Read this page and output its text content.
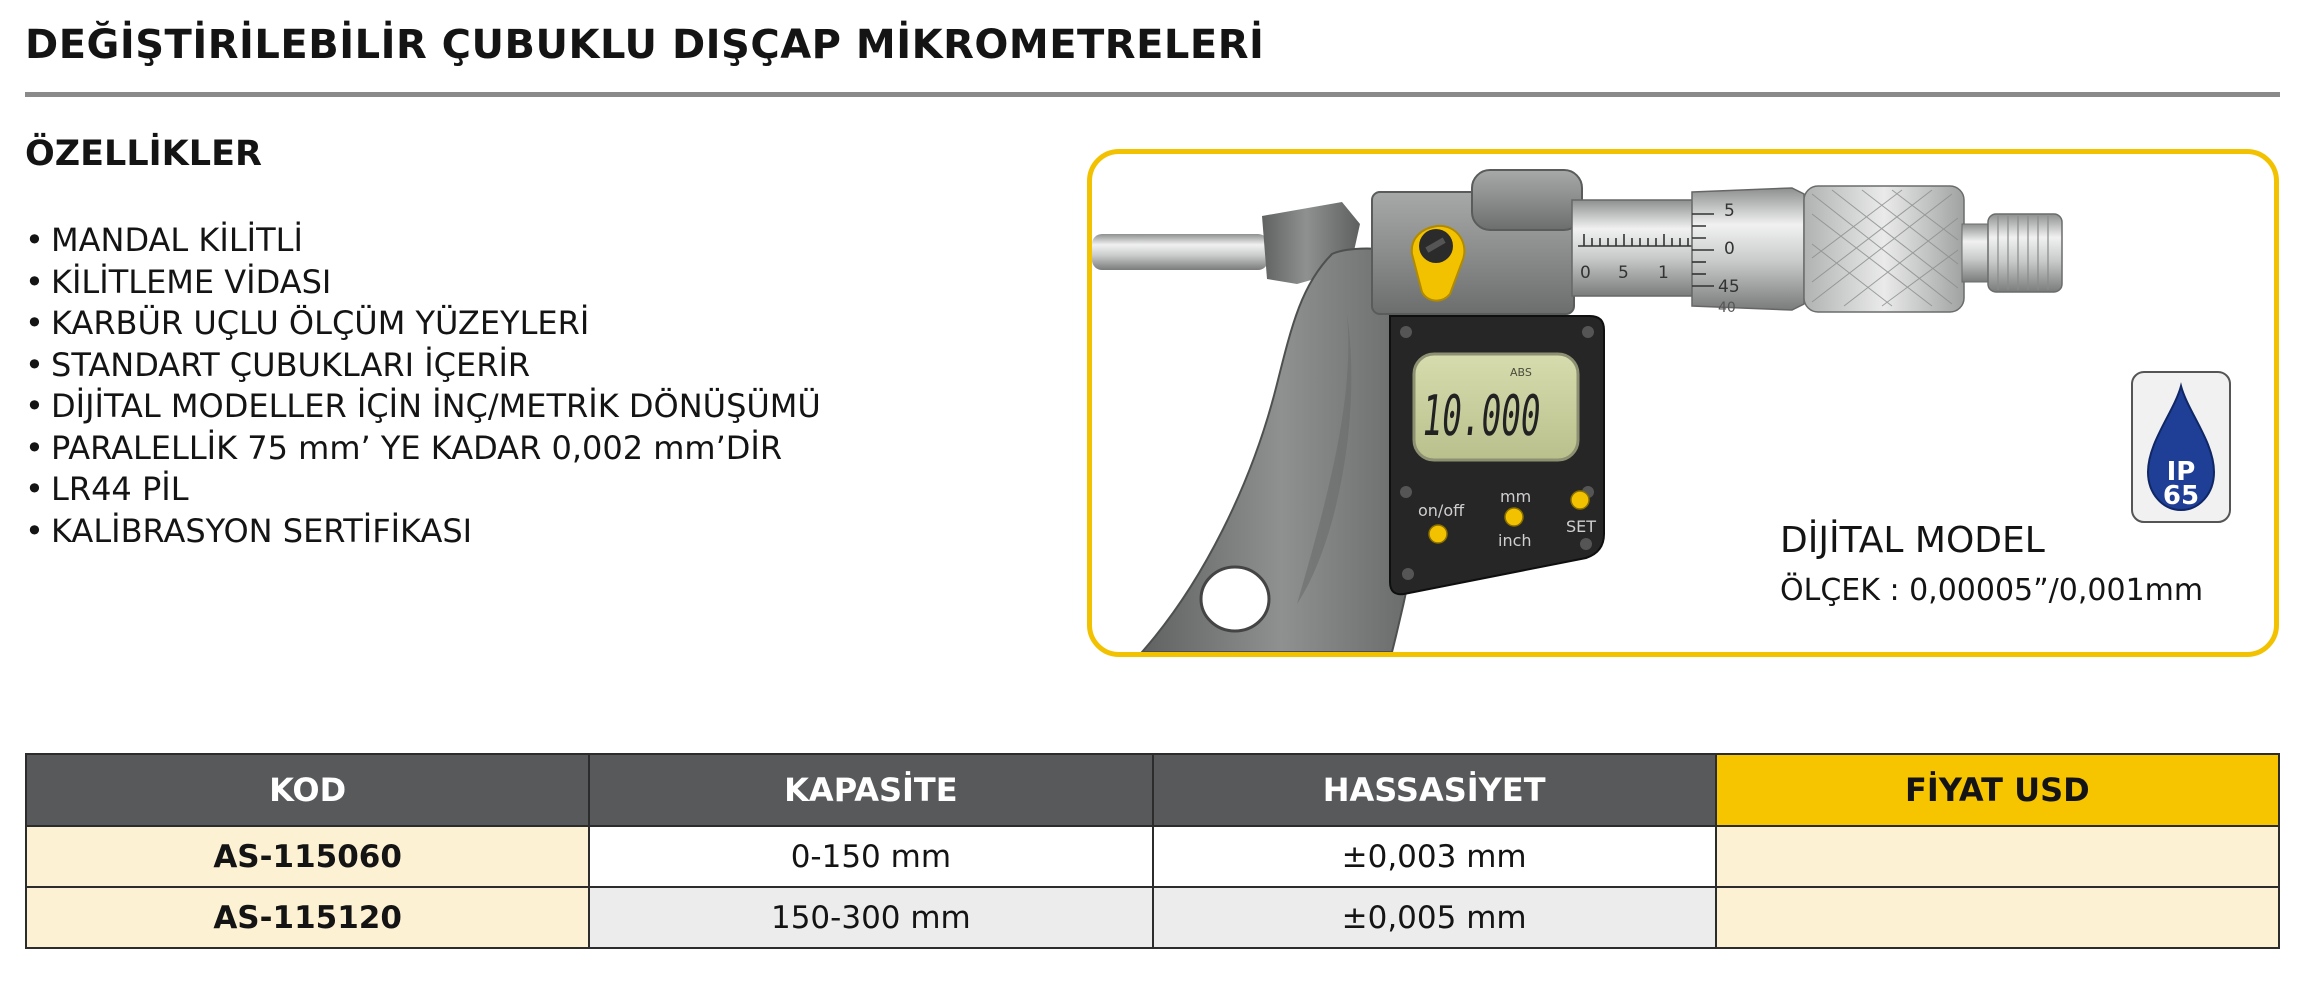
DEĞİŞTİRİLEBİLİR ÇUBUKLU DIŞÇAP MİKROMETRELERİ
ÖZELLİKLER
• MANDAL KİLİTLİ
• KİLİTLEME VİDASI
• KARBÜR UÇLU ÖLÇÜM YÜZEYLERİ
• STANDART ÇUBUKLARI İÇERİR
• DİJİTAL MODELLER İÇİN İNÇ/METRİK DÖNÜŞÜMÜ
• PARALELLİK 75 mm’ YE KADAR 0,002 mm’DİR
• LR44 PİL
• KALİBRASYON SERTİFİKASI
0 5 1
5
0
45
40
ABS
10.000
on/off
mm
inch
SET
IP
65
DİJİTAL MODEL
ÖLÇEK : 0,00005”/0,001mm
KOD	KAPASİTE	HASSASİYET	FİYAT USD
AS-115060	0-150 mm	±0,003 mm	
AS-115120	150-300 mm	±0,005 mm	
